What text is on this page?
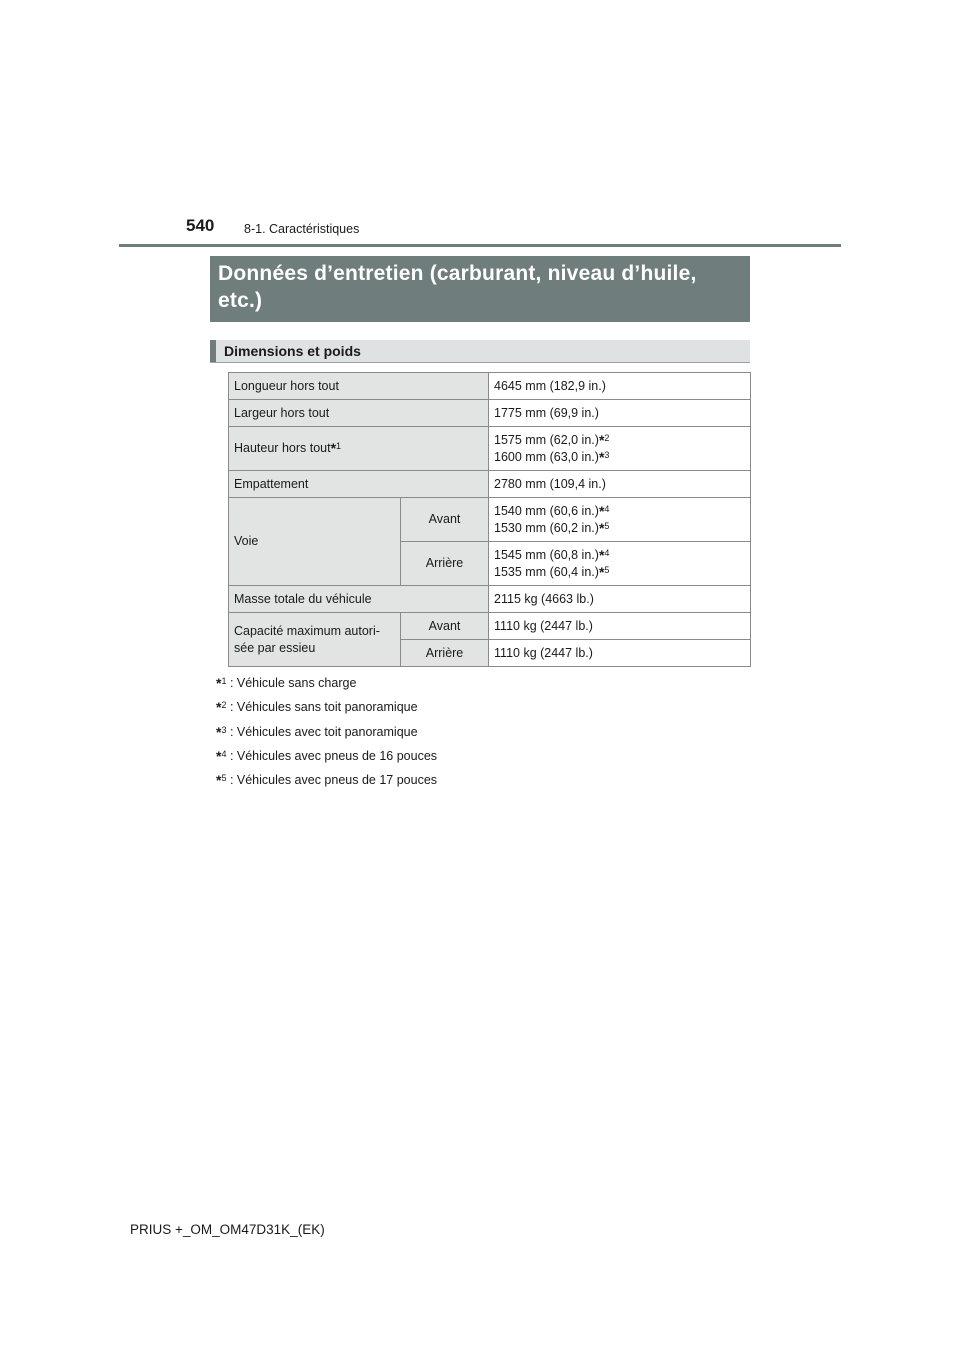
540 8-1. Caractéristiques
Données d’entretien (carburant, niveau d’huile, etc.)
Dimensions et poids
Longueur hors tout		4645 mm (182,9 in.)
Largeur hors tout		1775 mm (69,9 in.)
Hauteur hors tout*$^1$		1575 mm (62,0 in.)*$^2$
1600 mm (63,0 in.)*$^3$
Empattement		2780 mm (109,4 in.)
Voie	Avant	1540 mm (60,6 in.)*$^4$
1530 mm (60,2 in.)*$^5$
	Arrière	1545 mm (60,8 in.)*$^4$
1535 mm (60,4 in.)*$^5$
Masse totale du véhicule		2115 kg (4663 lb.)
Capacité maximum autori-sée par essieu	Avant	1110 kg (2447 lb.)
	Arrière	1110 kg (2447 lb.)
*$^1$ : Véhicule sans charge
*$^2$ : Véhicules sans toit panoramique
*$^3$ : Véhicules avec toit panoramique
*$^4$ : Véhicules avec pneus de 16 pouces
*$^5$ : Véhicules avec pneus de 17 pouces
PRIUS +_OM_OM47D31K_(EK)
